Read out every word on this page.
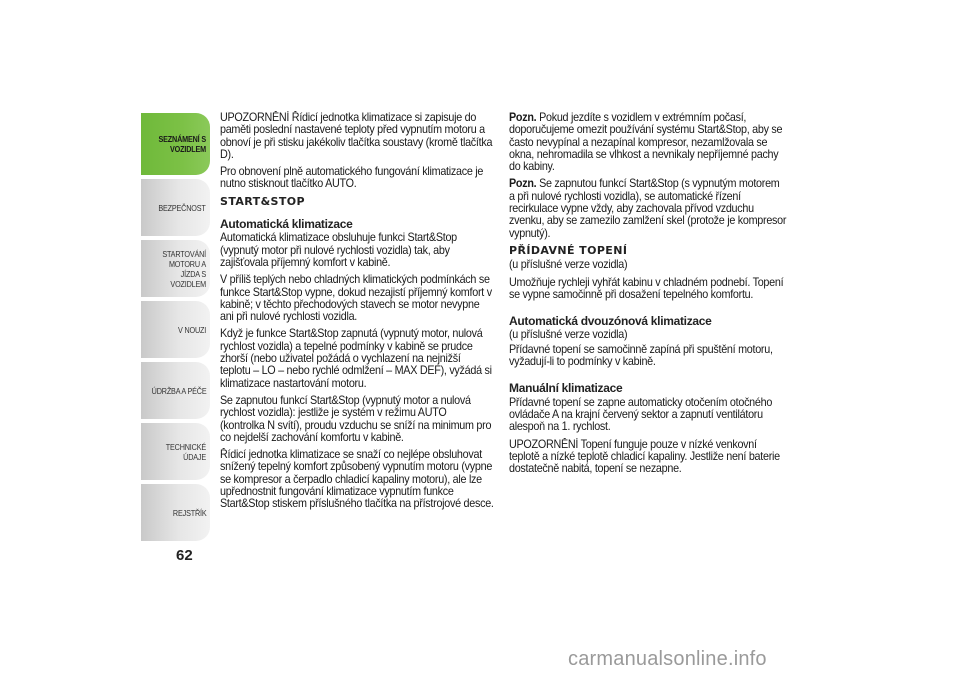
SEZNÁMENÍ S VOZIDLEM
BEZPEČNOST
STARTOVÁNÍ MOTORU A JÍZDA S VOZIDLEM
V NOUZI
ÚDRŽBA A PÉČE
TECHNICKÉ ÚDAJE
REJSTŘÍK
62

UPOZORNĚNÍ Řídicí jednotka klimatizace si zapisuje do paměti poslední nastavené teploty před vypnutím motoru a obnoví je při stisku jakékoliv tlačítka soustavy (kromě tlačítka D).

Pro obnovení plně automatického fungování klimatizace je nutno stisknout tlačítko AUTO.

START&STOP
Automatická klimatizace

Automatická klimatizace obsluhuje funkci Start&Stop (vypnutý motor při nulové rychlosti vozidla) tak, aby zajišťovala příjemný komfort v kabině.

V příliš teplých nebo chladných klimatických podmínkách se funkce Start&Stop vypne, dokud nezajistí příjemný komfort v kabině; v těchto přechodových stavech se motor nevypne ani při nulové rychlosti vozidla.

Když je funkce Start&Stop zapnutá (vypnutý motor, nulová rychlost vozidla) a tepelné podmínky v kabině se prudce zhorší (nebo uživatel požádá o vychlazení na nejnižší teplotu – LO – nebo rychlé odmlžení – MAX DEF), vyžádá si klimatizace nastartování motoru.

Se zapnutou funkcí Start&Stop (vypnutý motor a nulová rychlost vozidla): jestliže je systém v režimu AUTO (kontrolka N svítí), proudu vzduchu se sníží na minimum pro co nejdelší zachování komfortu v kabině.

Řídicí jednotka klimatizace se snaží co nejlépe obsluhovat snížený tepelný komfort způsobený vypnutím motoru (vypne se kompresor a čerpadlo chladicí kapaliny motoru), ale lze upřednostnit fungování klimatizace vypnutím funkce Start&Stop stiskem příslušného tlačítka na přístrojové desce.

Pozn. Pokud jezdíte s vozidlem v extrémním počasí, doporučujeme omezit používání systému Start&Stop, aby se často nevypínal a nezapínal kompresor, nezamlžovala se okna, nehromadila se vlhkost a nevnikaly nepříjemné pachy do kabiny.

Pozn. Se zapnutou funkcí Start&Stop (s vypnutým motorem a při nulové rychlosti vozidla), se automatické řízení recirkulace vypne vždy, aby zachovala přívod vzduchu zvenku, aby se zamezilo zamlžení skel (protože je kompresor vypnutý).

PŘÍDAVNÉ TOPENÍ

(u příslušné verze vozidla)

Umožňuje rychleji vyhřát kabinu v chladném podnebí. Topení se vypne samočinně při dosažení tepelného komfortu.

Automatická dvouzónová klimatizace

(u příslušné verze vozidla)

Přídavné topení se samočinně zapíná při spuštění motoru, vyžadují-li to podmínky v kabině.

Manuální klimatizace

Přídavné topení se zapne automaticky otočením otočného ovládače A na krajní červený sektor a zapnutí ventilátoru alespoň na 1. rychlost.

UPOZORNĚNÍ Topení funguje pouze v nízké venkovní teplotě a nízké teplotě chladicí kapaliny. Jestliže není baterie dostatečně nabitá, topení se nezapne.

carmanualsonline.info
